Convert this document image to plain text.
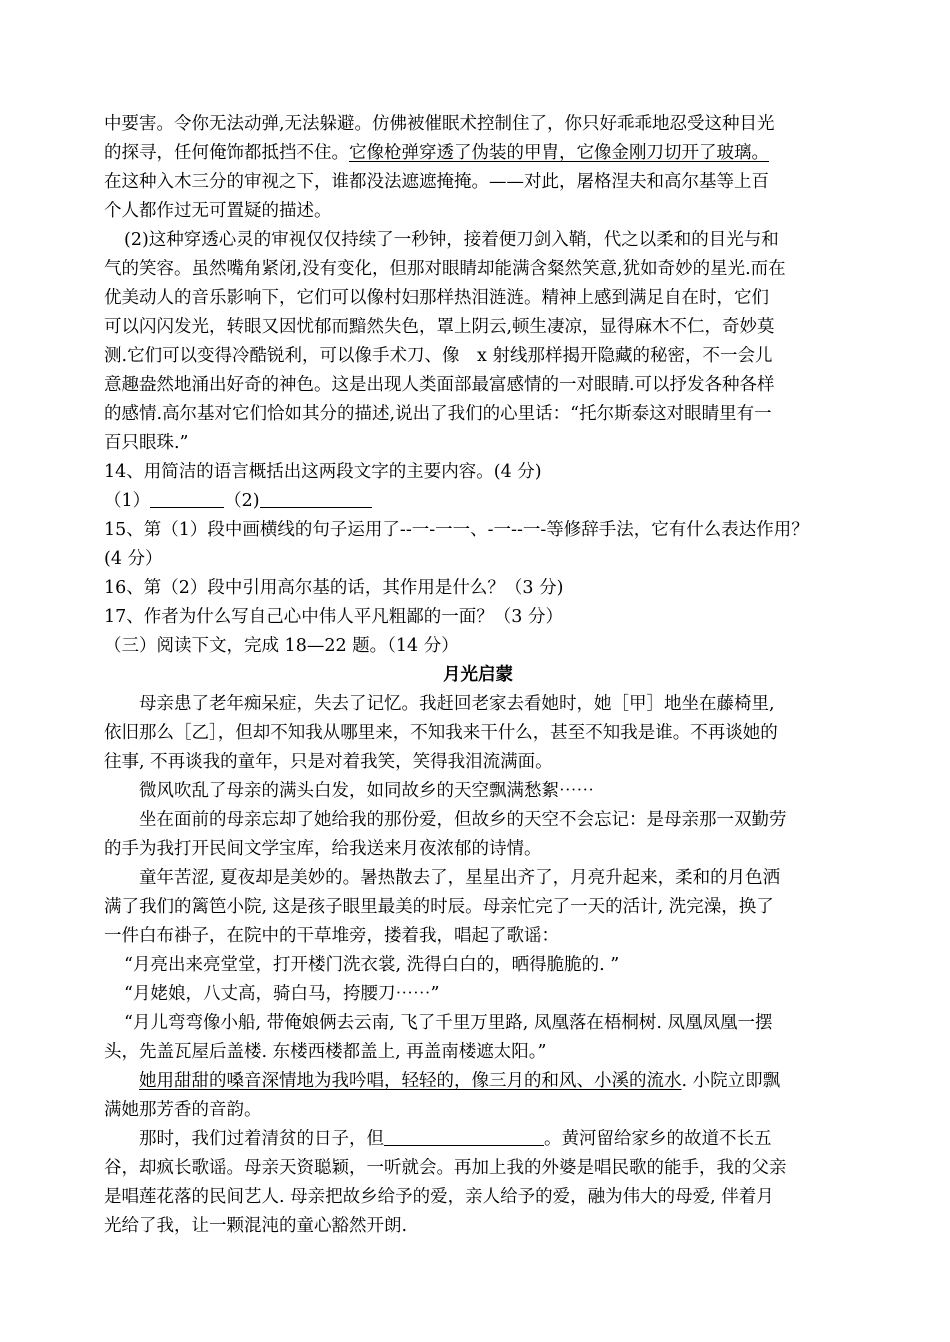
中要害。令你无法动弹,无法躲避。仿佛被催眠术控制住了，你只好乖乖地忍受这种目光
的探寻，任何俺饰都抵挡不住。它像枪弹穿透了伪装的甲胄，它像金刚刀切开了玻璃。
在这种入木三分的审视之下，谁都没法遮遮掩掩。——对此，屠格涅夫和高尔基等上百
个人都作过无可置疑的描述。
(2)这种穿透心灵的审视仅仅持续了一秒钟，接着便刀剑入鞘，代之以柔和的目光与和
气的笑容。虽然嘴角紧闭,没有变化，但那对眼睛却能满含粲然笑意,犹如奇妙的星光.而在
优美动人的音乐影响下，它们可以像村妇那样热泪涟涟。精神上感到满足自在时，它们
可以闪闪发光，转眼又因忧郁而黯然失色，罩上阴云,顿生凄凉，显得麻木不仁，奇妙莫
测.它们可以变得冷酷锐利，可以像手术刀、像　x 射线那样揭开隐藏的秘密，不一会儿
意趣盎然地涌出好奇的神色。这是出现人类面部最富感情的一对眼睛.可以抒发各种各样
的感情.高尔基对它们恰如其分的描述,说出了我们的心里话：“托尔斯泰这对眼睛里有一
百只眼珠.”
14、用简洁的语言概括出这两段文字的主要内容。(4 分)
（1）	（2)
15、第（1）段中画横线的句子运用了--一-一一、-一--一-等修辞手法，它有什么表达作用？
(4 分）
16、第（2）段中引用高尔基的话，其作用是什么？（3 分)
17、作者为什么写自己心中伟人平凡粗鄙的一面？（3 分）
（三）阅读下文，完成 18—22 题。（14 分）
月光启蒙
母亲患了老年痴呆症，失去了记忆。我赶回老家去看她时，她［甲］地坐在藤椅里,
依旧那么［乙］，但却不知我从哪里来，不知我来干什么，甚至不知我是谁。不再谈她的
往事, 不再谈我的童年，只是对着我笑，笑得我泪流满面。
微风吹乱了母亲的满头白发，如同故乡的天空飘满愁絮⋯⋯
坐在面前的母亲忘却了她给我的那份爱，但故乡的天空不会忘记：是母亲那一双勤劳
的手为我打开民间文学宝库，给我送来月夜浓郁的诗情。
童年苦涩, 夏夜却是美妙的。暑热散去了，星星出齐了，月亮升起来，柔和的月色洒
满了我们的篱笆小院, 这是孩子眼里最美的时辰。母亲忙完了一天的活计, 洗完澡，换了
一件白布褂子，在院中的干草堆旁，搂着我，唱起了歌谣：
“月亮出来亮堂堂，打开楼门洗衣裳, 洗得白白的，晒得脆脆的. ”
“月姥娘，八丈高，骑白马，挎腰刀⋯⋯”
“月儿弯弯像小船, 带俺娘俩去云南, 飞了千里万里路, 凤凰落在梧桐树. 凤凰凤凰一摆
头，先盖瓦屋后盖楼. 东楼西楼都盖上, 再盖南楼遮太阳。”
她用甜甜的嗓音深情地为我吟唱，轻轻的，像三月的和风、小溪的流水. 小院立即飘
满她那芳香的音韵。
那时，我们过着清贫的日子，但	。黄河留给家乡的故道不长五
谷，却疯长歌谣。母亲天资聪颖，一听就会。再加上我的外婆是唱民歌的能手，我的父亲
是唱莲花落的民间艺人. 母亲把故乡给予的爱，亲人给予的爱，融为伟大的母爱, 伴着月
光给了我，让一颗混沌的童心豁然开朗.
